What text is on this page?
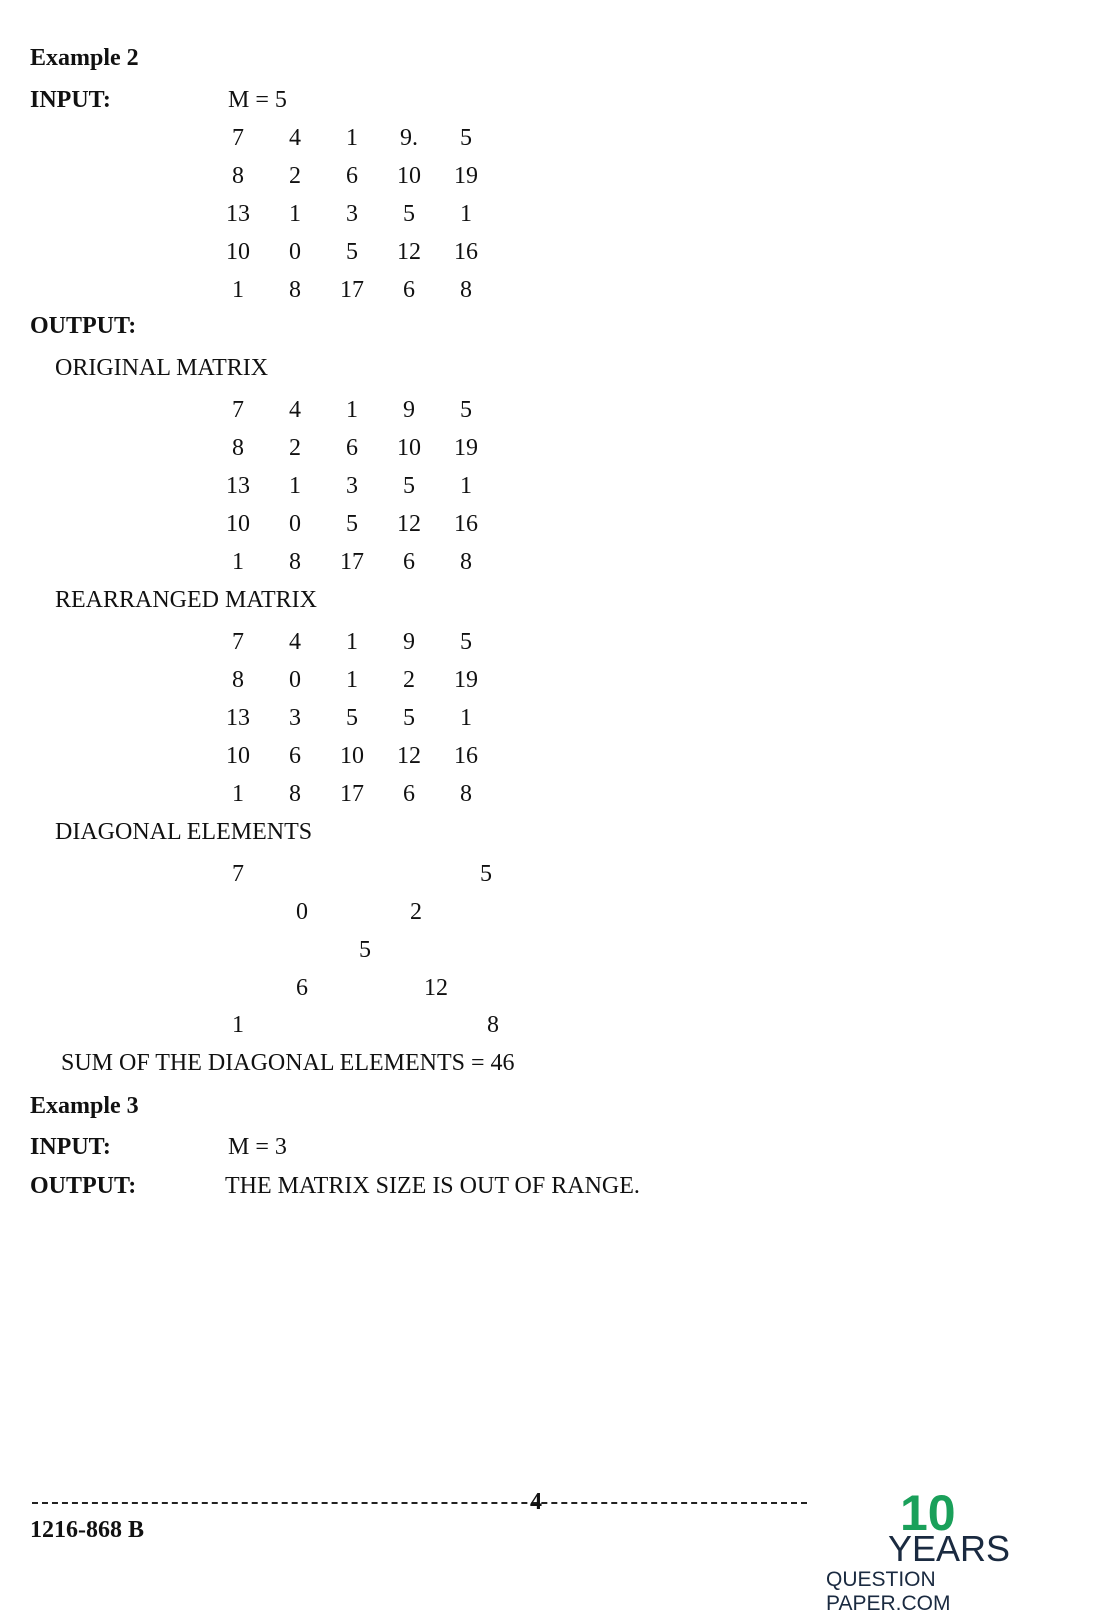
Example 2
INPUT:	M = 5
7	4	1	9.	5
8	2	6	10	19
13	1	3	5	1
10	0	5	12	16
1	8	17	6	8
OUTPUT:
ORIGINAL MATRIX
7	4	1	9	5
8	2	6	10	19
13	1	3	5	1
10	0	5	12	16
1	8	17	6	8
REARRANGED MATRIX
7	4	1	9	5
8	0	1	2	19
13	3	5	5	1
10	6	10	12	16
1	8	17	6	8
DIAGONAL ELEMENTS
7	5
0	2
5
6	12
1	8
SUM OF THE DIAGONAL ELEMENTS = 46
Example 3
INPUT:	M = 3
OUTPUT:	THE MATRIX SIZE IS OUT OF RANGE.
4
1216-868 B	10
YEARS
QUESTION PAPER.COM
